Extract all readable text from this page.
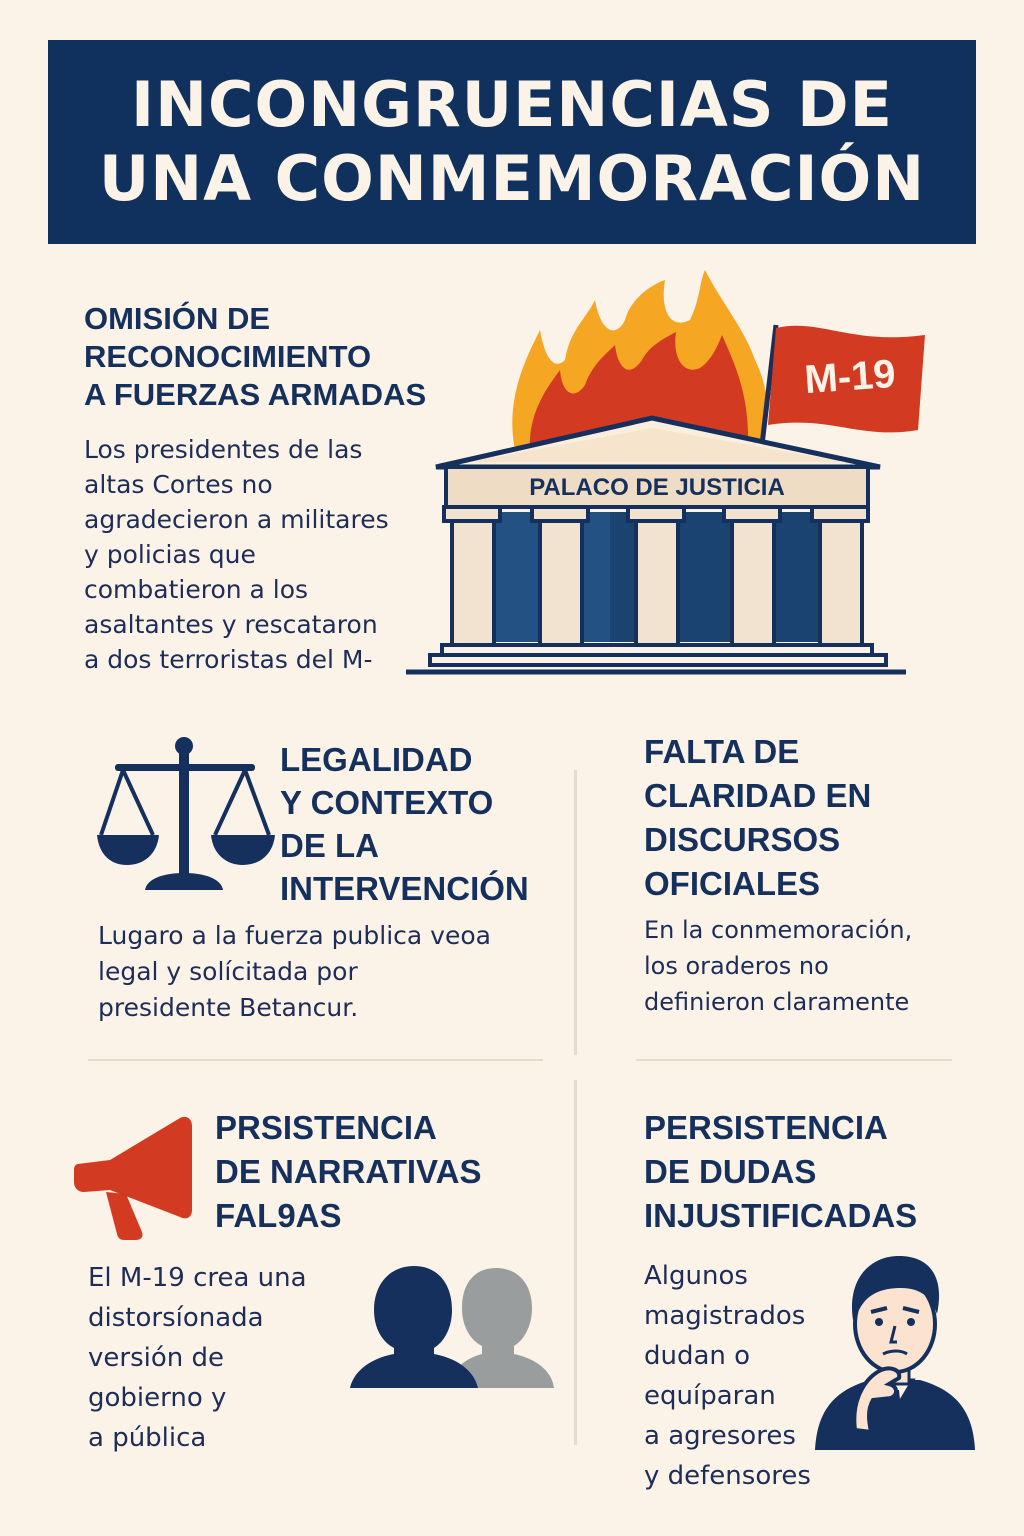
INCONGRUENCIAS DE
UNA CONMEMORACIÓN
OMISIÓN DE
RECONOCIMIENTO
A FUERZAS ARMADAS
Los presidentes de las
altas Cortes no
agradecieron a militares
y policias que
combatieron a los
asaltantes y rescataron
a dos terroristas del M-
PALACO DE JUSTICIA
M-19
LEGALIDAD
Y CONTEXTO
DE LA
INTERVENCIÓN
Lugaro a la fuerza publica veoa
legal y solícitada por
presidente Betancur.
FALTA DE
CLARIDAD EN
DISCURSOS
OFICIALES
En la conmemoración,
los oraderos no
definieron claramente
PRSISTENCIA
DE NARRATIVAS
FAL9AS
El M-19 crea una
distorsíonada
versión de
gobierno y
a pública
PERSISTENCIA
DE DUDAS
INJUSTIFICADAS
Algunos
magistrados
dudan o
equíparan
a agresores
y defensores
